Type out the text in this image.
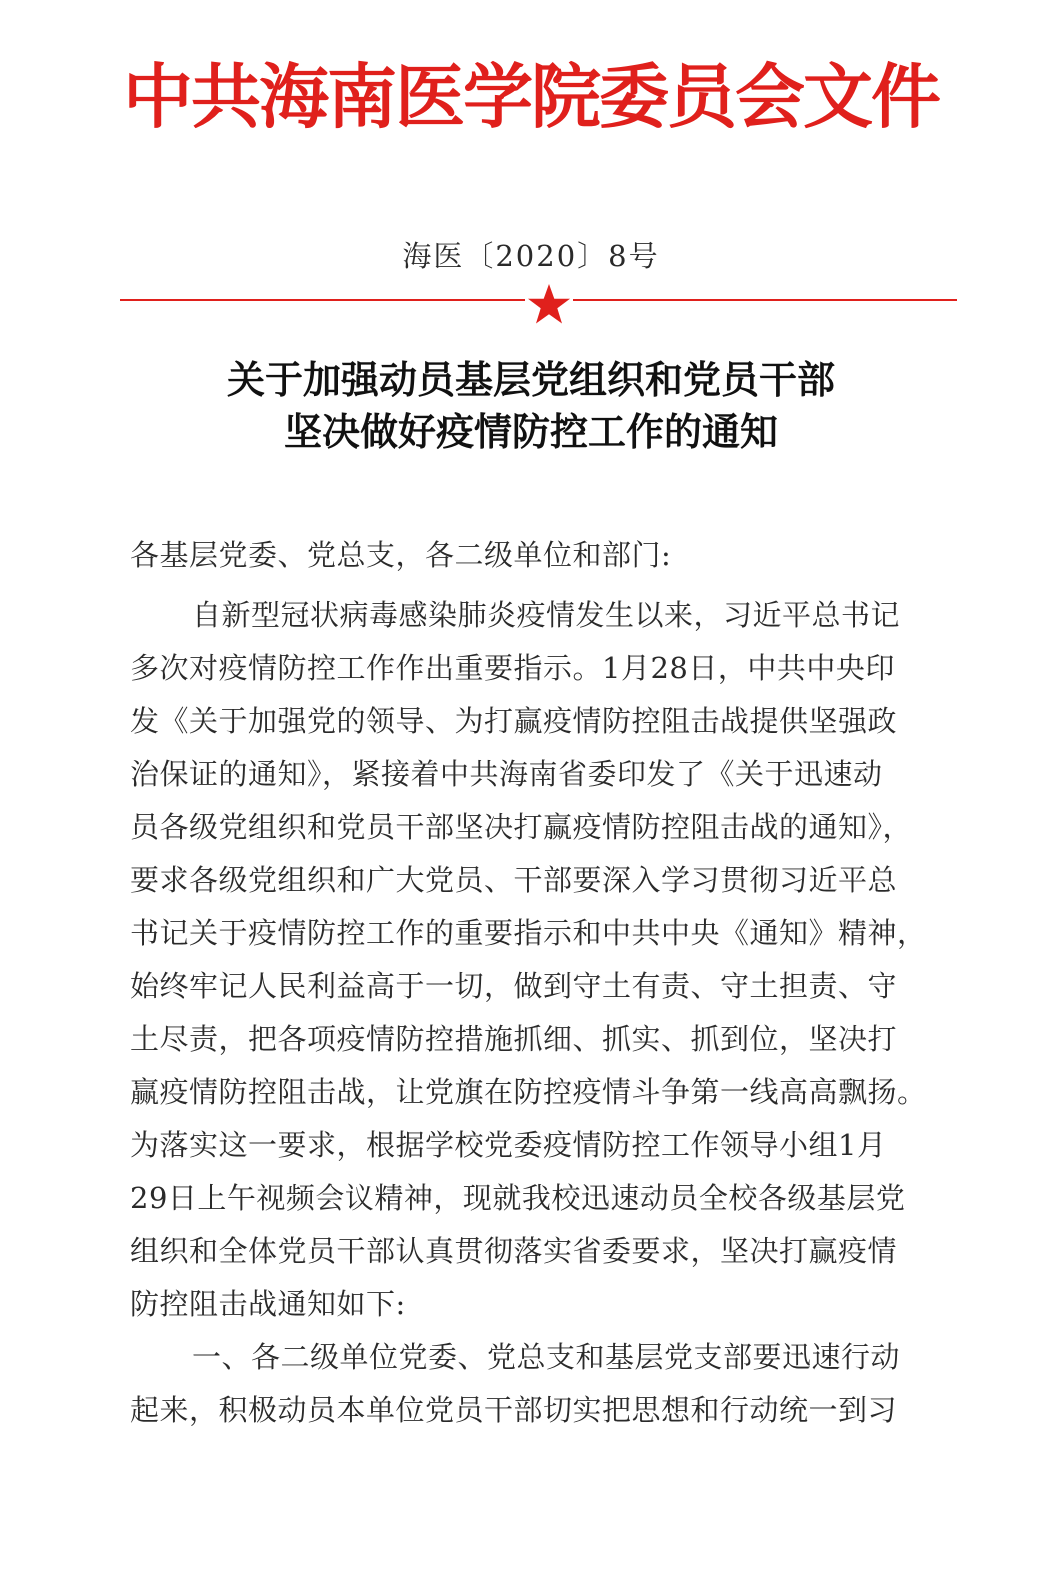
中共海南医学院委员会文件
海医〔2020〕8号
关于加强动员基层党组织和党员干部
坚决做好疫情防控工作的通知
各基层党委、党总支，各二级单位和部门:
自新型冠状病毒感染肺炎疫情发生以来，习近平总书记
多次对疫情防控工作作出重要指示。1月28日，中共中央印
发《关于加强党的领导、为打赢疫情防控阻击战提供坚强政
治保证的通知》，紧接着中共海南省委印发了《关于迅速动
员各级党组织和党员干部坚决打赢疫情防控阻击战的通知》，
要求各级党组织和广大党员、干部要深入学习贯彻习近平总
书记关于疫情防控工作的重要指示和中共中央《通知》精神，
始终牢记人民利益高于一切，做到守土有责、守土担责、守
土尽责，把各项疫情防控措施抓细、抓实、抓到位，坚决打
赢疫情防控阻击战，让党旗在防控疫情斗争第一线高高飘扬。
为落实这一要求，根据学校党委疫情防控工作领导小组1月
29日上午视频会议精神，现就我校迅速动员全校各级基层党
组织和全体党员干部认真贯彻落实省委要求，坚决打赢疫情
防控阻击战通知如下:
一、各二级单位党委、党总支和基层党支部要迅速行动
起来，积极动员本单位党员干部切实把思想和行动统一到习
